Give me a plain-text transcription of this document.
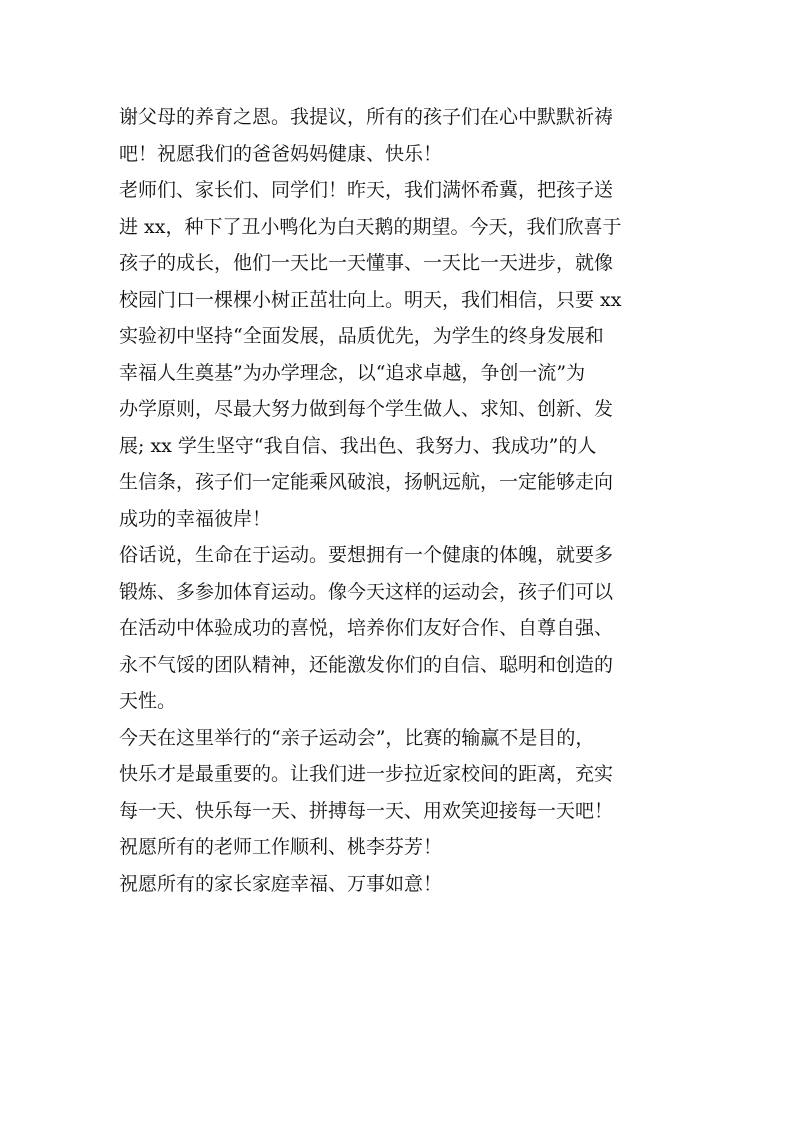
谢父母的养育之恩。我提议，所有的孩子们在心中默默祈祷
吧！祝愿我们的爸爸妈妈健康、快乐！
老师们、家长们、同学们！昨天，我们满怀希冀，把孩子送
进 xx，种下了丑小鸭化为白天鹅的期望。今天，我们欣喜于
孩子的成长，他们一天比一天懂事、一天比一天进步，就像
校园门口一棵棵小树正茁壮向上。明天，我们相信，只要 xx
实验初中坚持“全面发展，品质优先，为学生的终身发展和
幸福人生奠基”为办学理念，以“追求卓越，争创一流”为
办学原则，尽最大努力做到每个学生做人、求知、创新、发
展; xx 学生坚守“我自信、我出色、我努力、我成功”的人
生信条，孩子们一定能乘风破浪，扬帆远航，一定能够走向
成功的幸福彼岸！
俗话说，生命在于运动。要想拥有一个健康的体魄，就要多
锻炼、多参加体育运动。像今天这样的运动会，孩子们可以
在活动中体验成功的喜悦，培养你们友好合作、自尊自强、
永不气馁的团队精神，还能激发你们的自信、聪明和创造的
天性。
今天在这里举行的“亲子运动会”，比赛的输赢不是目的，
快乐才是最重要的。让我们进一步拉近家校间的距离，充实
每一天、快乐每一天、拼搏每一天、用欢笑迎接每一天吧！
祝愿所有的老师工作顺利、桃李芬芳！
祝愿所有的家长家庭幸福、万事如意！
